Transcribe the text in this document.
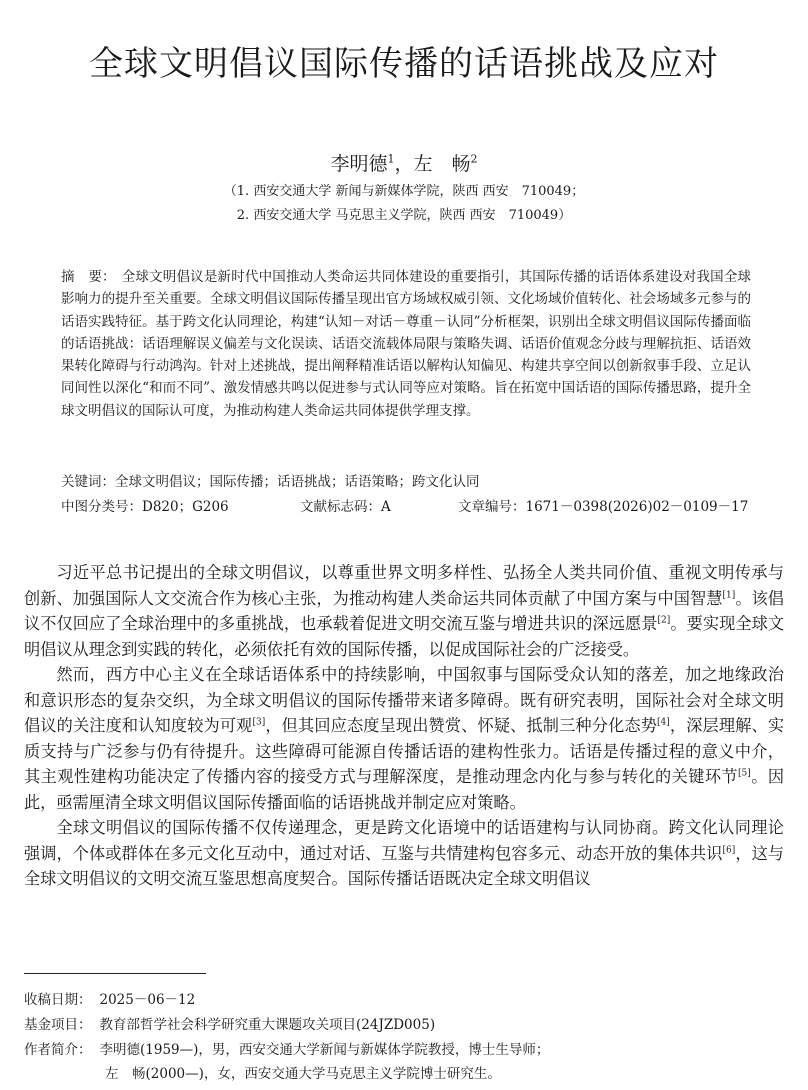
全球文明倡议国际传播的话语挑战及应对
李明德$^1$，左　畅$^2$
（1. 西安交通大学 新闻与新媒体学院，陕西 西安　710049；
2. 西安交通大学 马克思主义学院，陕西 西安　710049）
摘　要： 全球文明倡议是新时代中国推动人类命运共同体建设的重要指引，其国际传播的话语体系建设对我国全球影响力的提升至关重要。全球文明倡议国际传播呈现出官方场域权威引领、文化场域价值转化、社会场域多元参与的话语实践特征。基于跨文化认同理论，构建“认知－对话－尊重－认同”分析框架，识别出全球文明倡议国际传播面临的话语挑战：话语理解误义偏差与文化误读、话语交流载体局限与策略失调、话语价值观念分歧与理解抗拒、话语效果转化障碍与行动鸿沟。针对上述挑战，提出阐释精准话语以解构认知偏见、构建共享空间以创新叙事手段、立足认同间性以深化“和而不同”、激发情感共鸣以促进参与式认同等应对策略。旨在拓宽中国话语的国际传播思路，提升全球文明倡议的国际认可度，为推动构建人类命运共同体提供学理支撑。
关键词：全球文明倡议；国际传播；话语挑战；话语策略；跨文化认同
中图分类号：D820；G206	文献标志码：A	文章编号：1671－0398(2026)02－0109－17

习近平总书记提出的全球文明倡议，以尊重世界文明多样性、弘扬全人类共同价值、重视文明传承与创新、加强国际人文交流合作为核心主张，为推动构建人类命运共同体贡献了中国方案与中国智慧[1]。该倡议不仅回应了全球治理中的多重挑战，也承载着促进文明交流互鉴与增进共识的深远愿景[2]。要实现全球文明倡议从理念到实践的转化，必须依托有效的国际传播，以促成国际社会的广泛接受。

然而，西方中心主义在全球话语体系中的持续影响，中国叙事与国际受众认知的落差，加之地缘政治和意识形态的复杂交织，为全球文明倡议的国际传播带来诸多障碍。既有研究表明，国际社会对全球文明倡议的关注度和认知度较为可观[3]，但其回应态度呈现出赞赏、怀疑、抵制三种分化态势[4]，深层理解、实质支持与广泛参与仍有待提升。这些障碍可能源自传播话语的建构性张力。话语是传播过程的意义中介，其主观性建构功能决定了传播内容的接受方式与理解深度，是推动理念内化与参与转化的关键环节[5]。因此，亟需厘清全球文明倡议国际传播面临的话语挑战并制定应对策略。

全球文明倡议的国际传播不仅传递理念，更是跨文化语境中的话语建构与认同协商。跨文化认同理论强调，个体或群体在多元文化互动中，通过对话、互鉴与共情建构包容多元、动态开放的集体共识[6]，这与全球文明倡议的文明交流互鉴思想高度契合。国际传播话语既决定全球文明倡议

收稿日期： 2025－06－12
基金项目： 教育部哲学社会科学研究重大课题攻关项目(24JZD005)
作者简介： 李明德(1959—)，男，西安交通大学新闻与新媒体学院教授，博士生导师；
左　畅(2000—)，女，西安交通大学马克思主义学院博士研究生。
